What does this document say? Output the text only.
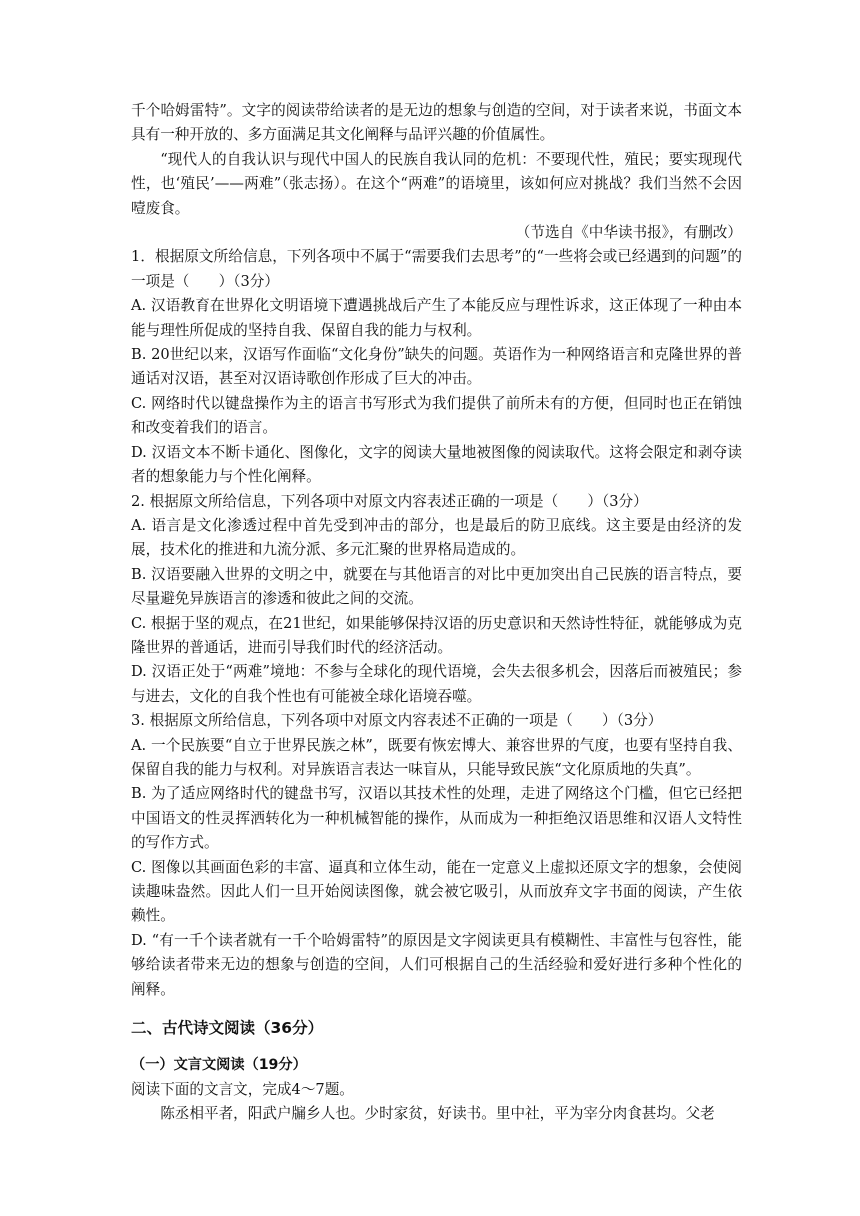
千个哈姆雷特”。文字的阅读带给读者的是无边的想象与创造的空间，对于读者来说，书面文本具有一种开放的、多方面满足其文化阐释与品评兴趣的价值属性。

“现代人的自我认识与现代中国人的民族自我认同的危机：不要现代性，殖民；要实现现代性，也‘殖民’——两难”（张志扬）。在这个“两难”的语境里，该如何应对挑战？我们当然不会因噎废食。

（节选自《中华读书报》，有删改）

1．根据原文所给信息，下列各项中不属于“需要我们去思考”的“一些将会或已经遇到的问题”的一项是（　　）（3分）

A. 汉语教育在世界化文明语境下遭遇挑战后产生了本能反应与理性诉求，这正体现了一种由本能与理性所促成的坚持自我、保留自我的能力与权利。

B. 20世纪以来，汉语写作面临“文化身份”缺失的问题。英语作为一种网络语言和克隆世界的普通话对汉语，甚至对汉语诗歌创作形成了巨大的冲击。

C. 网络时代以键盘操作为主的语言书写形式为我们提供了前所未有的方便，但同时也正在销蚀和改变着我们的语言。

D. 汉语文本不断卡通化、图像化，文字的阅读大量地被图像的阅读取代。这将会限定和剥夺读者的想象能力与个性化阐释。

2. 根据原文所给信息，下列各项中对原文内容表述正确的一项是（　　）（3分）

A. 语言是文化渗透过程中首先受到冲击的部分，也是最后的防卫底线。这主要是由经济的发展，技术化的推进和九流分派、多元汇聚的世界格局造成的。

B. 汉语要融入世界的文明之中，就要在与其他语言的对比中更加突出自己民族的语言特点，要尽量避免异族语言的渗透和彼此之间的交流。

C. 根据于坚的观点，在21世纪，如果能够保持汉语的历史意识和天然诗性特征，就能够成为克隆世界的普通话，进而引导我们时代的经济活动。

D. 汉语正处于“两难”境地：不参与全球化的现代语境，会失去很多机会，因落后而被殖民；参与进去，文化的自我个性也有可能被全球化语境吞噬。

3. 根据原文所给信息，下列各项中对原文内容表述不正确的一项是（　　）（3分）

A. 一个民族要“自立于世界民族之林”，既要有恢宏博大、兼容世界的气度，也要有坚持自我、保留自我的能力与权利。对异族语言表达一味盲从，只能导致民族“文化原质地的失真”。

B. 为了适应网络时代的键盘书写，汉语以其技术性的处理，走进了网络这个门槛，但它已经把中国语文的性灵挥洒转化为一种机械智能的操作，从而成为一种拒绝汉语思维和汉语人文特性的写作方式。

C. 图像以其画面色彩的丰富、逼真和立体生动，能在一定意义上虚拟还原文字的想象，会使阅读趣味盎然。因此人们一旦开始阅读图像，就会被它吸引，从而放弃文字书面的阅读，产生依赖性。

D. “有一千个读者就有一千个哈姆雷特”的原因是文字阅读更具有模糊性、丰富性与包容性，能够给读者带来无边的想象与创造的空间，人们可根据自己的生活经验和爱好进行多种个性化的阐释。

二、古代诗文阅读（36分）

（一）文言文阅读（19分）

阅读下面的文言文，完成4～7题。

陈丞相平者，阳武户牖乡人也。少时家贫，好读书。里中社，平为宰分肉食甚均。父老
